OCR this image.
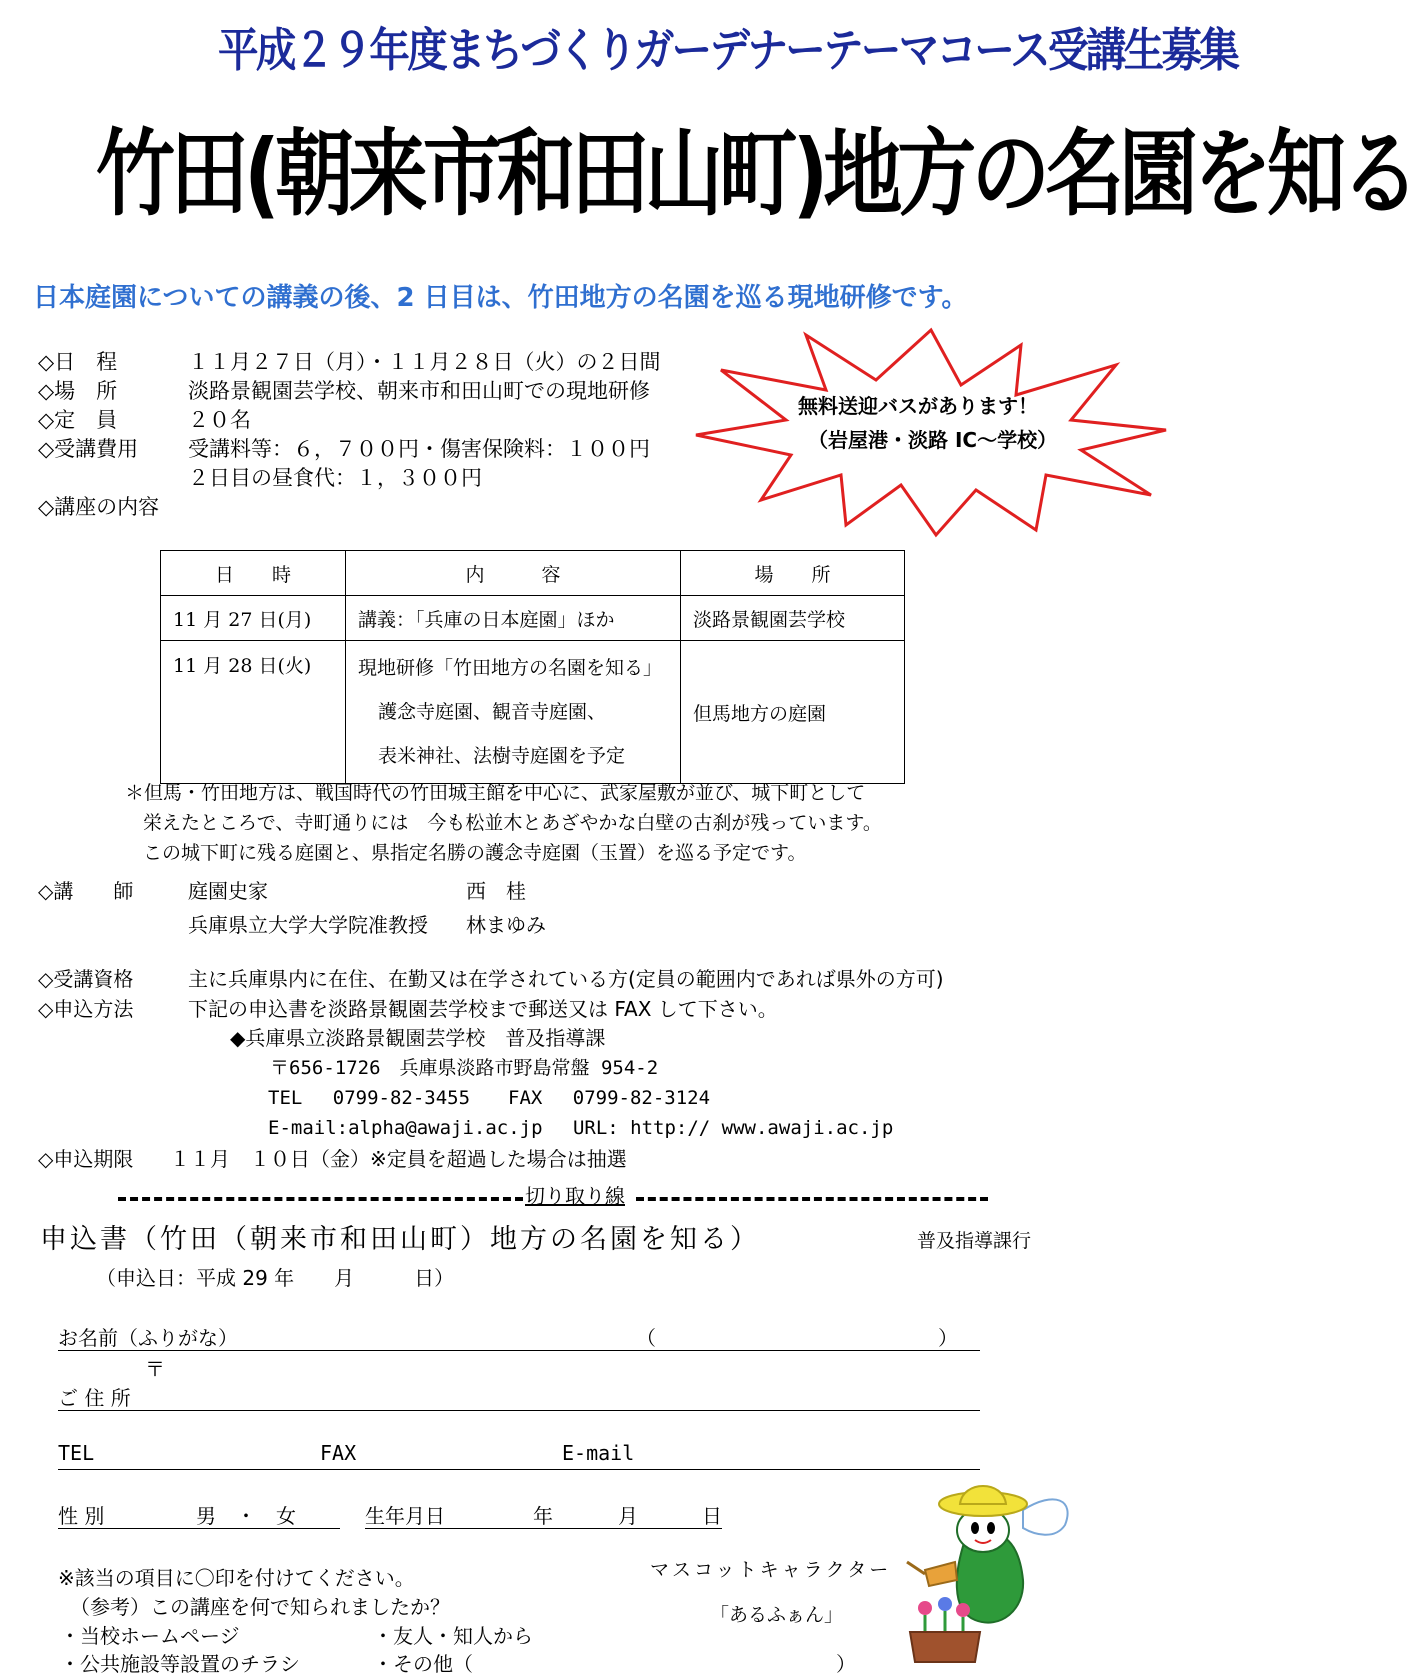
平成２９年度まちづくりガーデナーテーマコース受講生募集
竹田(朝来市和田山町)地方の名園を知る
日本庭園についての講義の後、2 日目は、竹田地方の名園を巡る現地研修です。
◇日　程	１１月２７日（月）・１１月２８日（火）の２日間
◇場　所	淡路景観園芸学校、朝来市和田山町での現地研修
◇定　員	２０名
◇受講費用 受講料等：６，７００円・傷害保険料：１００円
２日目の昼食代：１，３００円
◇講座の内容
無料送迎バスがあります！
（岩屋港・淡路 IC～学校）
日　　時	内　　　容	場　　所
11 月 27 日(月)	講義：「兵庫の日本庭園」ほか	淡路景観園芸学校
11 月 28 日(火)	現地研修「竹田地方の名園を知る」
護念寺庭園、観音寺庭園、
表米神社、法樹寺庭園を予定	但馬地方の庭園
＊但馬・竹田地方は、戦国時代の竹田城主館を中心に、武家屋敷が並び、城下町として
栄えたところで、寺町通りには　今も松並木とあざやかな白壁の古刹が残っています。
この城下町に残る庭園と、県指定名勝の護念寺庭園（玉置）を巡る予定です。
◇講　　師	庭園史家	西　桂
兵庫県立大学大学院准教授 林まゆみ
◇受講資格	主に兵庫県内に在住、在勤又は在学されている方(定員の範囲内であれば県外の方可)
◇申込方法	下記の申込書を淡路景観園芸学校まで郵送又は FAX して下さい。
◆兵庫県立淡路景観園芸学校　普及指導課
〒656-1726　兵庫県淡路市野島常盤 954-2
TEL　 0799-82-3455　　FAX　 0799-82-3124
E-mail:alpha@awaji.ac.jp　 URL: http:// www.awaji.ac.jp
◇申込期限 １１月　１０日（金）※定員を超過した場合は抽選
切り取り線
申込書（竹田（朝来市和田山町）地方の名園を知る）	普及指導課行
（申込日：平成 29 年　　月　　　日）
お名前（ふりがな）	（	）
〒
ご 住 所
TEL	FAX	E-mail
性 別	男　・　女	生年月日	年	月	日
※該当の項目に〇印を付けてください。
（参考）この講座を何で知られましたか？
・当校ホームページ	・友人・知人から
・公共施設等設置のチラシ	・その他（	）
マスコットキャラクター
「あるふぁん」
